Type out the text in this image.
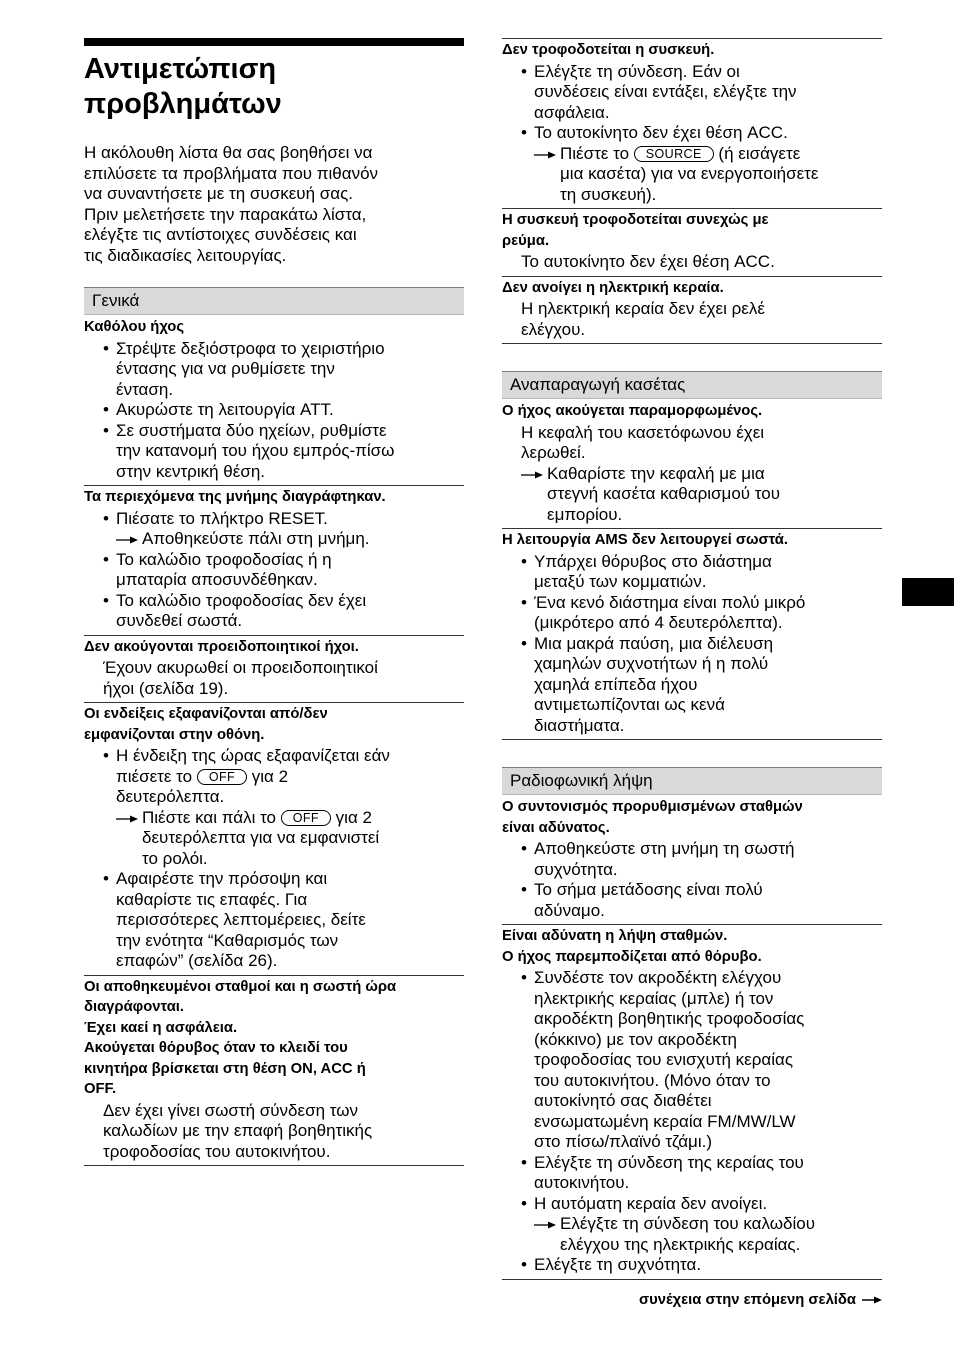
Αντιμετώπιση
προβλημάτων
Η ακόλουθη λίστα θα σας βοηθήσει να
επιλύσετε τα προβλήματα που πιθανόν
να συναντήσετε με τη συσκευή σας.
Πριν μελετήσετε την παρακάτω λίστα,
ελέγξτε τις αντίστοιχες συνδέσεις και
τις διαδικασίες λειτουργίας.
Γενικά
Καθόλου ήχος
•
Στρέψτε δεξιόστροφα το χειριστήριο
έντασης για να ρυθμίσετε την
ένταση.
•
Ακυρώστε τη λειτουργία ATT.
•
Σε συστήματα δύο ηχείων, ρυθμίστε
την κατανομή του ήχου εμπρός-πίσω
στην κεντρική θέση.
Τα περιεχόμενα της μνήμης διαγράφτηκαν.
•
Πιέσατε το πλήκτρο RESET.
Αποθηκεύστε πάλι στη μνήμη.
•
Το καλώδιο τροφοδοσίας ή η
μπαταρία αποσυνδέθηκαν.
•
Το καλώδιο τροφοδοσίας δεν έχει
συνδεθεί σωστά.
Δεν ακούγονται προειδοποιητικοί ήχοι.
Έχουν ακυρωθεί οι προειδοποιητικοί
ήχοι (σελίδα 19).
Οι ενδείξεις εξαφανίζονται από/δεν
εμφανίζονται στην οθόνη.
•
Η ένδειξη της ώρας εξαφανίζεται εάν
πιέσετε το OFF για 2
δευτερόλεπτα.
Πιέστε και πάλι το OFF για 2
δευτερόλεπτα για να εμφανιστεί
το ρολόι.
•
Αφαιρέστε την πρόσοψη και
καθαρίστε τις επαφές. Για
περισσότερες λεπτομέρειες, δείτε
την ενότητα “Καθαρισμός των
επαφών” (σελίδα 26).
Οι αποθηκευμένοι σταθμοί και η σωστή ώρα
διαγράφονται.
Έχει καεί η ασφάλεια.
Ακούγεται θόρυβος όταν το κλειδί του
κινητήρα βρίσκεται στη θέση ON, ACC ή
OFF.
Δεν έχει γίνει σωστή σύνδεση των
καλωδίων με την επαφή βοηθητικής
τροφοδοσίας του αυτοκινήτου.
Δεν τροφοδοτείται η συσκευή.
•
Ελέγξτε τη σύνδεση. Εάν οι
συνδέσεις είναι εντάξει, ελέγξτε την
ασφάλεια.
•
Το αυτοκίνητο δεν έχει θέση ACC.
Πιέστε το SOURCE (ή εισάγετε
μια κασέτα) για να ενεργοποιήσετε
τη συσκευή).
Η συσκευή τροφοδοτείται συνεχώς με
ρεύμα.
Το αυτοκίνητο δεν έχει θέση ACC.
Δεν ανοίγει η ηλεκτρική κεραία.
Η ηλεκτρική κεραία δεν έχει ρελέ
ελέγχου.
Αναπαραγωγή κασέτας
Ο ήχος ακούγεται παραμορφωμένος.
Η κεφαλή του κασετόφωνου έχει
λερωθεί.
Καθαρίστε την κεφαλή με μια
στεγνή κασέτα καθαρισμού του
εμπορίου.
Η λειτουργία AMS δεν λειτουργεί σωστά.
•
Υπάρχει θόρυβος στο διάστημα
μεταξύ των κομματιών.
•
Ένα κενό διάστημα είναι πολύ μικρό
(μικρότερο από 4 δευτερόλεπτα).
•
Μια μακρά παύση, μια διέλευση
χαμηλών συχνοτήτων ή η πολύ
χαμηλά επίπεδα ήχου
αντιμετωπίζονται ως κενά
διαστήματα.
Ραδιοφωνική λήψη
Ο συντονισμός προρυθμισμένων σταθμών
είναι αδύνατος.
•
Αποθηκεύστε στη μνήμη τη σωστή
συχνότητα.
•
Το σήμα μετάδοσης είναι πολύ
αδύναμο.
Είναι αδύνατη η λήψη σταθμών.
Ο ήχος παρεμποδίζεται από θόρυβο.
•
Συνδέστε τον ακροδέκτη ελέγχου
ηλεκτρικής κεραίας (μπλε) ή τον
ακροδέκτη βοηθητικής τροφοδοσίας
(κόκκινο) με τον ακροδέκτη
τροφοδοσίας του ενισχυτή κεραίας
του αυτοκινήτου. (Μόνο όταν το
αυτοκίνητό σας διαθέτει
ενσωματωμένη κεραία FM/MW/LW
στο πίσω/πλαϊνό τζάμι.)
•
Ελέγξτε τη σύνδεση της κεραίας του
αυτοκινήτου.
•
Η αυτόματη κεραία δεν ανοίγει.
Ελέγξτε τη σύνδεση του καλωδίου
ελέγχου της ηλεκτρικής κεραίας.
•
Ελέγξτε τη συχνότητα.
συνέχεια στην επόμενη σελίδα
